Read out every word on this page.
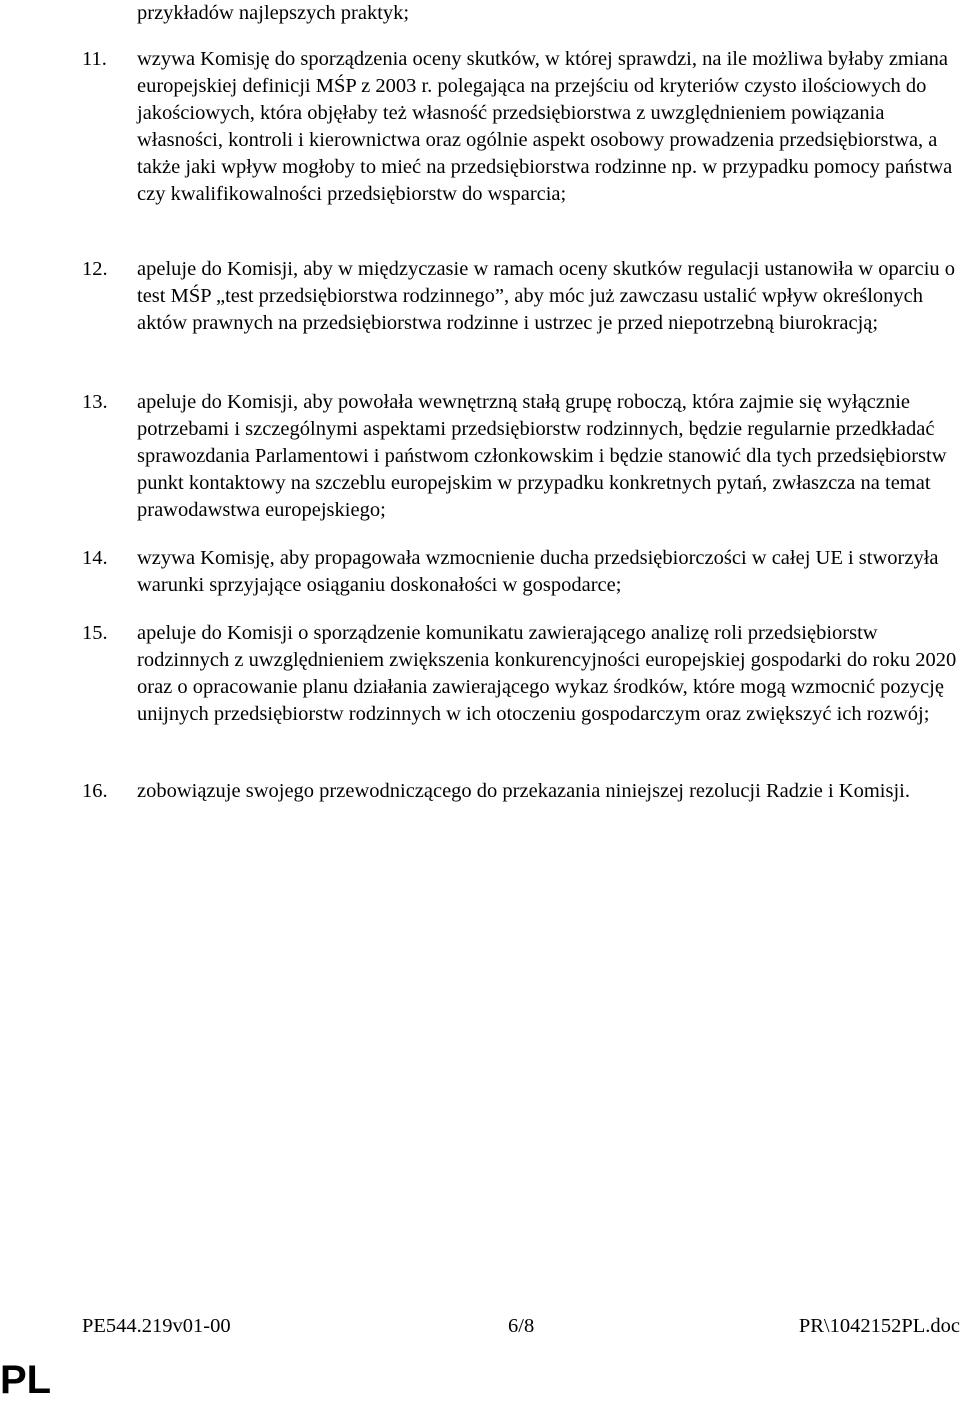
przykładów najlepszych praktyk;
11.	wzywa Komisję do sporządzenia oceny skutków, w której sprawdzi, na ile możliwa byłaby zmiana europejskiej definicji MŚP z 2003 r. polegająca na przejściu od kryteriów czysto ilościowych do jakościowych, która objęłaby też własność przedsiębiorstwa z uwzględnieniem powiązania własności, kontroli i kierownictwa oraz ogólnie aspekt osobowy prowadzenia przedsiębiorstwa, a także jaki wpływ mogłoby to mieć na przedsiębiorstwa rodzinne np. w przypadku pomocy państwa czy kwalifikowalności przedsiębiorstw do wsparcia;
12.	apeluje do Komisji, aby w międzyczasie w ramach oceny skutków regulacji ustanowiła w oparciu o test MŚP „test przedsiębiorstwa rodzinnego”, aby móc już zawczasu ustalić wpływ określonych aktów prawnych na przedsiębiorstwa rodzinne i ustrzec je przed niepotrzebną biurokracją;
13.	apeluje do Komisji, aby powołała wewnętrzną stałą grupę roboczą, która zajmie się wyłącznie potrzebami i szczególnymi aspektami przedsiębiorstw rodzinnych, będzie regularnie przedkładać sprawozdania Parlamentowi i państwom członkowskim i będzie stanowić dla tych przedsiębiorstw punkt kontaktowy na szczeblu europejskim w przypadku konkretnych pytań, zwłaszcza na temat prawodawstwa europejskiego;
14.	wzywa Komisję, aby propagowała wzmocnienie ducha przedsiębiorczości w całej UE i stworzyła warunki sprzyjające osiąganiu doskonałości w gospodarce;
15.	apeluje do Komisji o sporządzenie komunikatu zawierającego analizę roli przedsiębiorstw rodzinnych z uwzględnieniem zwiększenia konkurencyjności europejskiej gospodarki do roku 2020 oraz o opracowanie planu działania zawierającego wykaz środków, które mogą wzmocnić pozycję unijnych przedsiębiorstw rodzinnych w ich otoczeniu gospodarczym oraz zwiększyć ich rozwój;
16.	zobowiązuje swojego przewodniczącego do przekazania niniejszej rezolucji Radzie i Komisji.
PE544.219v01-00	6/8	PR\1042152PL.doc
PL
